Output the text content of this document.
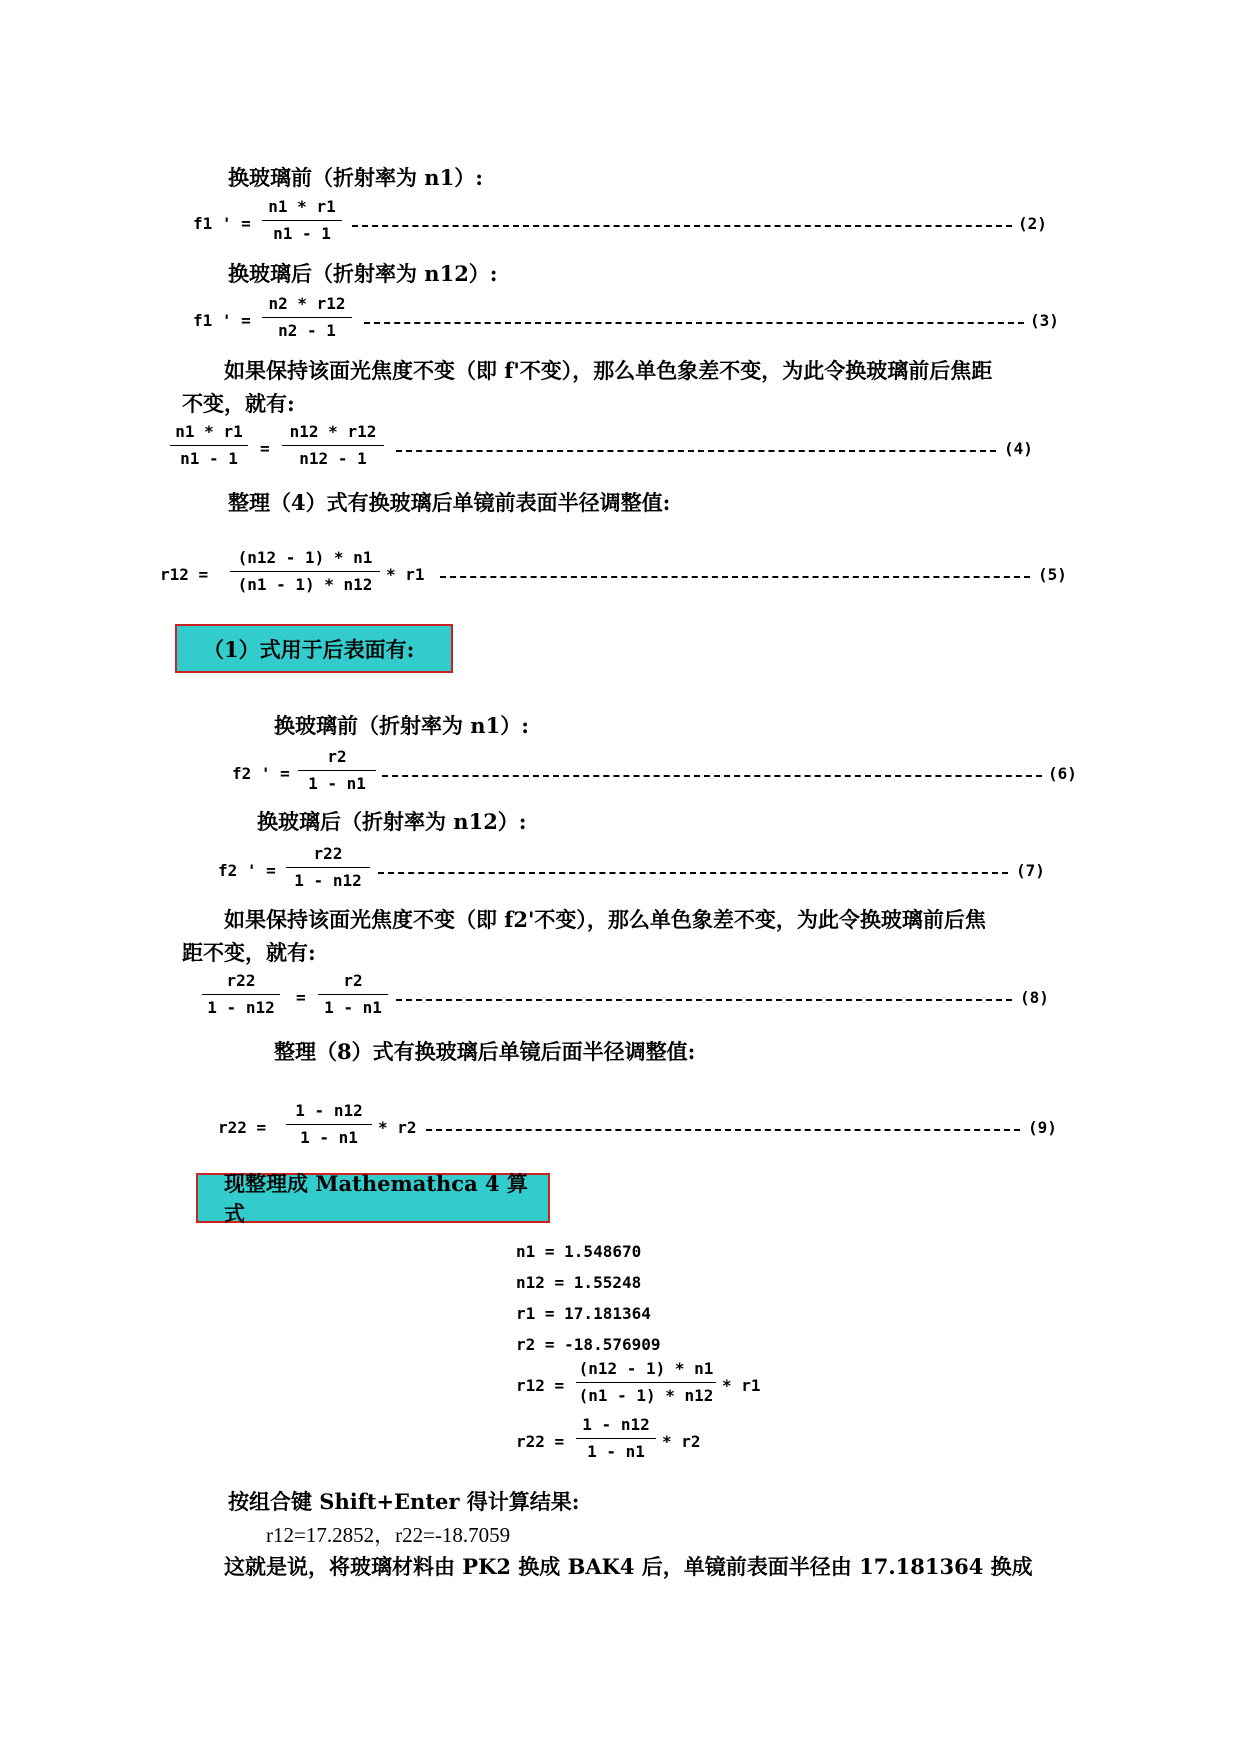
换玻璃前（折射率为 n1）:
f1 ' =
n1 * r1
n1 - 1
(2)
换玻璃后（折射率为 n12）:
f1 ' =
n2 * r12
n2 - 1
(3)
如果保持该面光焦度不变（即 f'不变），那么单色象差不变，为此令换玻璃前后焦距
不变，就有:
n1 * r1
n1 - 1
=
n12 * r12
n12 - 1
(4)
整理（4）式有换玻璃后单镜前表面半径调整值:
r12 =
(n12 - 1) * n1
(n1 - 1) * n12
* r1	(5)
（1）式用于后表面有:
换玻璃前（折射率为 n1）:
f2 ' =
r2
1 - n1
(6)
换玻璃后（折射率为 n12）:
f2 ' =
r22
1 - n12
(7)
如果保持该面光焦度不变（即 f2'不变），那么单色象差不变，为此令换玻璃前后焦
距不变，就有:
r22
1 - n12
=
r2
1 - n1
(8)
整理（8）式有换玻璃后单镜后面半径调整值:
r22 =
1 - n12
1 - n1
* r2	(9)
现整理成 Mathemathca 4 算式
n1 = 1.548670
n12 = 1.55248
r1 = 17.181364
r2 = -18.576909
r12 =
(n12 - 1) * n1
(n1 - 1) * n12
* r1
r22 =
1 - n12
1 - n1
* r2
按组合键 Shift+Enter 得计算结果:
r12=17.2852，r22=-18.7059
这就是说，将玻璃材料由 PK2 换成 BAK4 后，单镜前表面半径由 17.181364 换成
